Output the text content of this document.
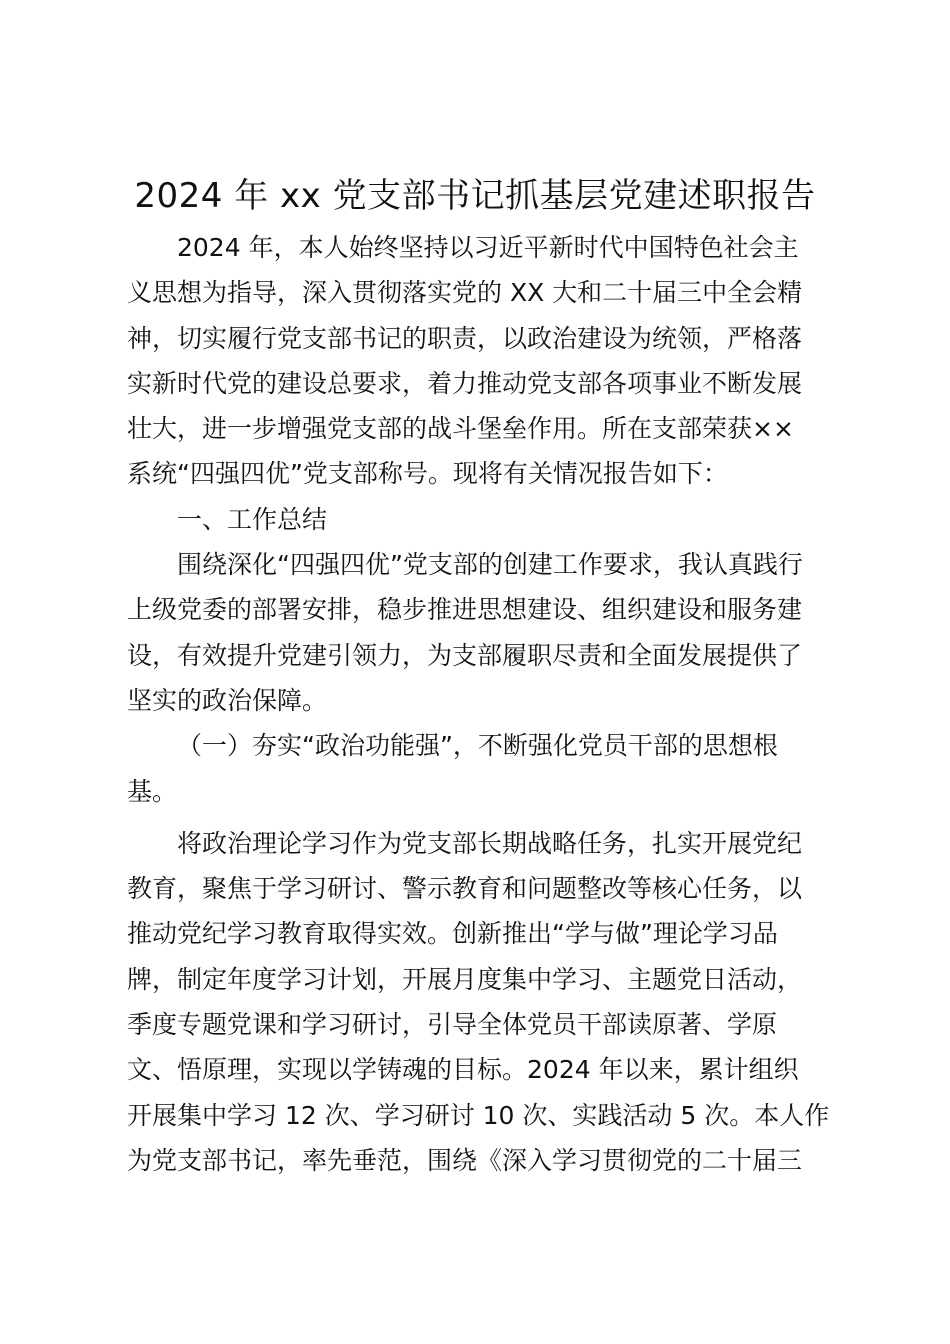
2024 年 xx 党支部书记抓基层党建述职报告
2024 年，本人始终坚持以习近平新时代中国特色社会主
义思想为指导，深入贯彻落实党的 XX 大和二十届三中全会精
神，切实履行党支部书记的职责，以政治建设为统领，严格落
实新时代党的建设总要求，着力推动党支部各项事业不断发展
壮大，进一步增强党支部的战斗堡垒作用。所在支部荣获××
系统“四强四优”党支部称号。现将有关情况报告如下：
一、工作总结
围绕深化“四强四优”党支部的创建工作要求，我认真践行
上级党委的部署安排，稳步推进思想建设、组织建设和服务建
设，有效提升党建引领力，为支部履职尽责和全面发展提供了
坚实的政治保障。
（一）夯实“政治功能强”，不断强化党员干部的思想根
基。
将政治理论学习作为党支部长期战略任务，扎实开展党纪
教育，聚焦于学习研讨、警示教育和问题整改等核心任务，以
推动党纪学习教育取得实效。创新推出“学与做”理论学习品
牌，制定年度学习计划，开展月度集中学习、主题党日活动，
季度专题党课和学习研讨，引导全体党员干部读原著、学原
文、悟原理，实现以学铸魂的目标。2024 年以来，累计组织
开展集中学习 12 次、学习研讨 10 次、实践活动 5 次。本人作
为党支部书记，率先垂范，围绕《深入学习贯彻党的二十届三
